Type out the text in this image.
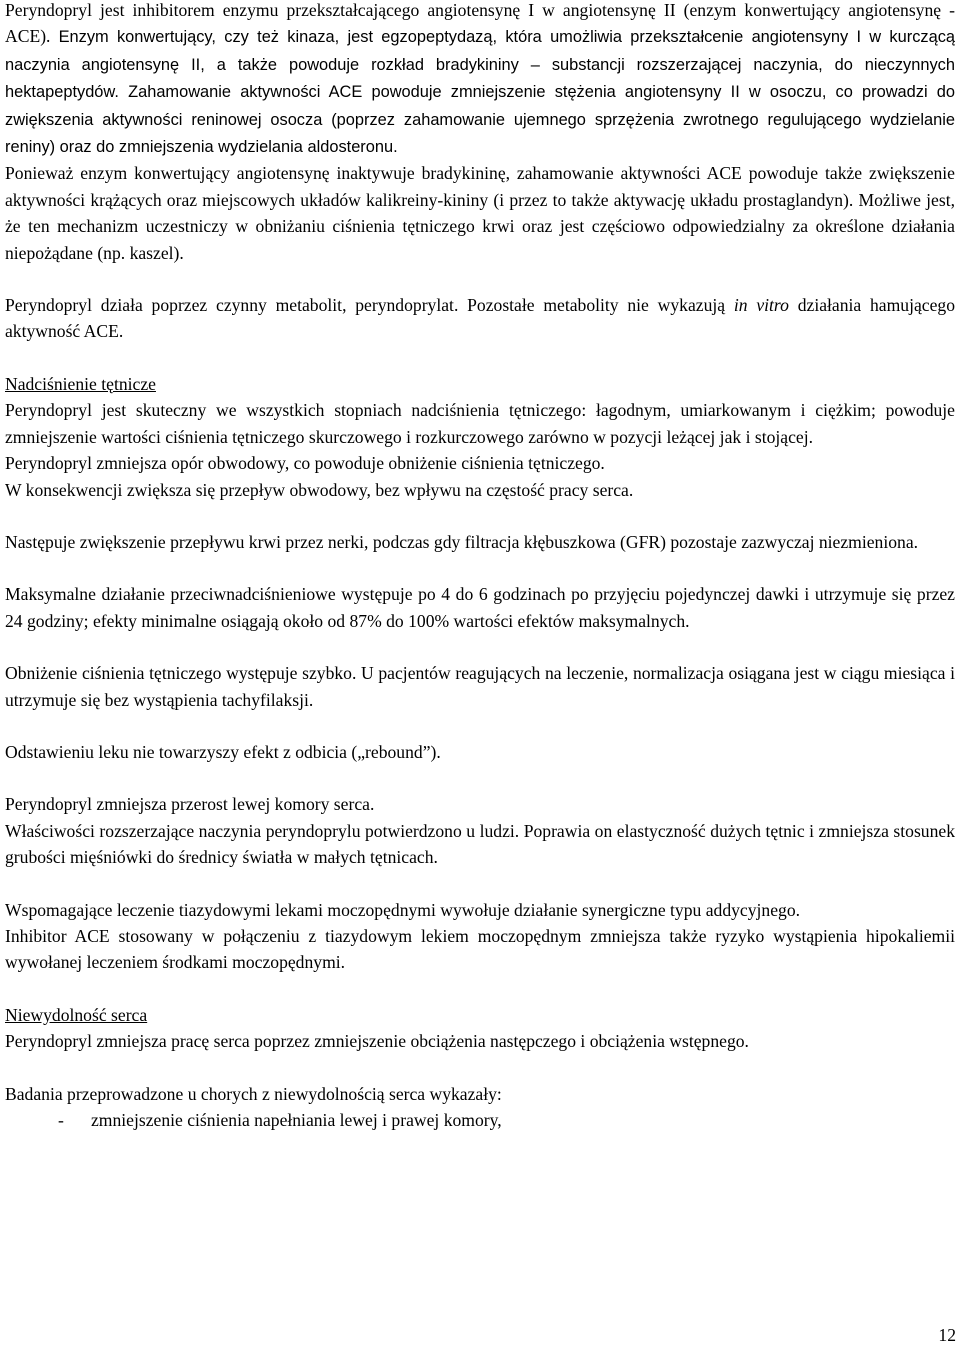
Peryndopryl jest inhibitorem enzymu przekształcającego angiotensynę I w angiotensynę II (enzym konwertujący angiotensynę - ACE). Enzym konwertujący, czy też kinaza, jest egzopeptydazą, która umożliwia przekształcenie angiotensyny I w kurczącą naczynia angiotensynę II, a także powoduje rozkład bradykininy – substancji rozszerzającej naczynia, do nieczynnych hektapeptydów. Zahamowanie aktywności ACE powoduje zmniejszenie stężenia angiotensyny II w osoczu, co prowadzi do zwiększenia aktywności reninowej osocza (poprzez zahamowanie ujemnego sprzężenia zwrotnego regulującego wydzielanie reniny) oraz do zmniejszenia wydzielania aldosteronu.

Ponieważ enzym konwertujący angiotensynę inaktywuje bradykininę, zahamowanie aktywności ACE powoduje także zwiększenie aktywności krążących oraz miejscowych układów kalikreiny-kininy (i przez to także aktywację układu prostaglandyn). Możliwe jest, że ten mechanizm uczestniczy w obniżaniu ciśnienia tętniczego krwi oraz jest częściowo odpowiedzialny za określone działania niepożądane (np. kaszel).

Peryndopryl działa poprzez czynny metabolit, peryndoprylat. Pozostałe metabolity nie wykazują in vitro działania hamującego aktywność ACE.

Nadciśnienie tętnicze

Peryndopryl jest skuteczny we wszystkich stopniach nadciśnienia tętniczego: łagodnym, umiarkowanym i ciężkim; powoduje zmniejszenie wartości ciśnienia tętniczego skurczowego i rozkurczowego zarówno w pozycji leżącej jak i stojącej.

Peryndopryl zmniejsza opór obwodowy, co powoduje obniżenie ciśnienia tętniczego.

W konsekwencji zwiększa się przepływ obwodowy, bez wpływu na częstość pracy serca.

Następuje zwiększenie przepływu krwi przez nerki, podczas gdy filtracja kłębuszkowa (GFR) pozostaje zazwyczaj niezmieniona.

Maksymalne działanie przeciwnadciśnieniowe występuje po 4 do 6 godzinach po przyjęciu pojedynczej dawki i utrzymuje się przez 24 godziny; efekty minimalne osiągają około od 87% do 100% wartości efektów maksymalnych.

Obniżenie ciśnienia tętniczego występuje szybko. U pacjentów reagujących na leczenie, normalizacja osiągana jest w ciągu miesiąca i utrzymuje się bez wystąpienia tachyfilaksji.

Odstawieniu leku nie towarzyszy efekt z odbicia („rebound”).

Peryndopryl zmniejsza przerost lewej komory serca.

Właściwości rozszerzające naczynia peryndoprylu potwierdzono u ludzi. Poprawia on elastyczność dużych tętnic i zmniejsza stosunek grubości mięśniówki do średnicy światła w małych tętnicach.

Wspomagające leczenie tiazydowymi lekami moczopędnymi wywołuje działanie synergiczne typu addycyjnego.

Inhibitor ACE stosowany w połączeniu z tiazydowym lekiem moczopędnym zmniejsza także ryzyko wystąpienia hipokaliemii wywołanej leczeniem środkami moczopędnymi.

Niewydolność serca

Peryndopryl zmniejsza pracę serca poprzez zmniejszenie obciążenia następczego i obciążenia wstępnego.

Badania przeprowadzone u chorych z niewydolnością serca wykazały:

-	zmniejszenie ciśnienia napełniania lewej i prawej komory,
12
